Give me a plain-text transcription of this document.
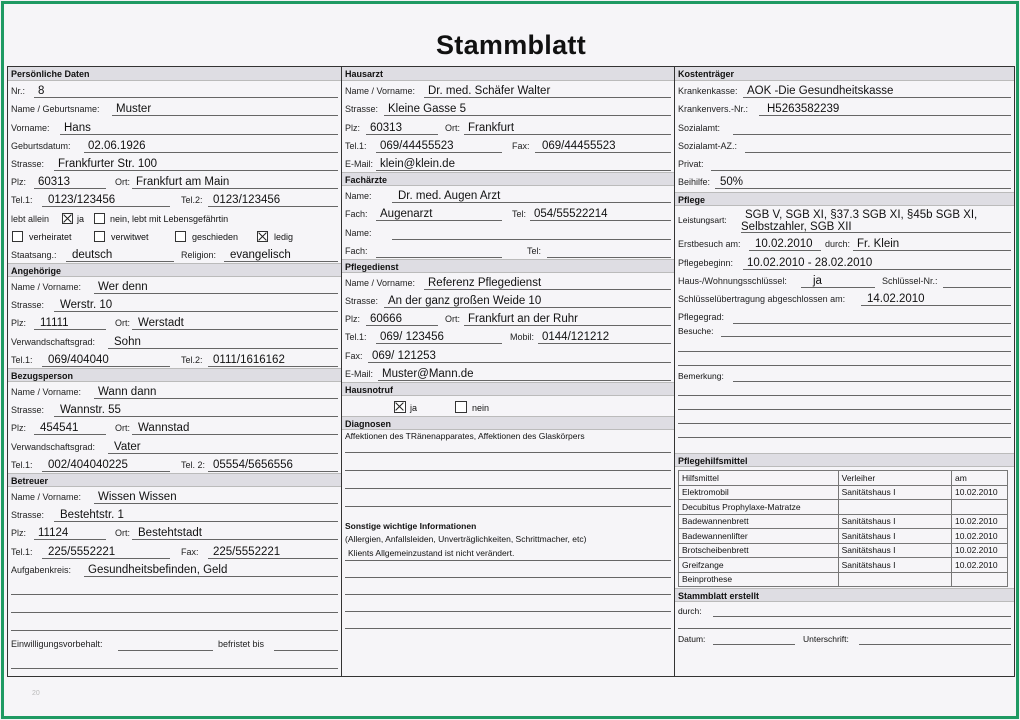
Stammblatt
Persönliche Daten
Nr.: 8
Name / Geburtsname: Muster
Vorname: Hans
Geburtsdatum: 02.06.1926
Strasse: Frankfurter Str. 100
Plz: 60313	Ort: Frankfurt am Main
Tel.1: 0123/123456	Tel.2: 0123/123456
lebt allein	ja	nein, lebt mit Lebensgefährtin
verheiratet	verwitwet	geschieden	ledig
Staatsang.: deutsch	Religion: evangelisch
Angehörige
Name / Vorname: Wer denn
Strasse: Werstr. 10
Plz: 11111	Ort: Werstadt
Verwandschaftsgrad: Sohn
Tel.1: 069/404040	Tel.2: 0111/1616162
Bezugsperson
Name / Vorname: Wann dann
Strasse: Wannstr. 55
Plz: 454541	Ort: Wannstad
Verwandschaftsgrad: Vater
Tel.1: 002/404040225	Tel. 2: 05554/5656556
Betreuer
Name / Vorname: Wissen Wissen
Strasse: Bestehtstr. 1
Plz: 11124	Ort: Bestehtstadt
Tel.1: 225/5552221	Fax: 225/5552221
Aufgabenkreis: Gesundheitsbefinden, Geld
Einwilligungsvorbehalt:	befristet bis
Hausarzt
Name / Vorname: Dr. med. Schäfer Walter
Strasse: Kleine Gasse 5
Plz: 60313	Ort: Frankfurt
Tel.1: 069/44455523	Fax: 069/44455523
E-Mail: klein@klein.de
Fachärzte
Name: Dr. med. Augen Arzt
Fach: Augenarzt	Tel: 054/55522214
Name:
Fach:	Tel:
Pflegedienst
Name / Vorname: Referenz Pflegedienst
Strasse: An der ganz großen Weide 10
Plz: 60666	Ort: Frankfurt an der Ruhr
Tel.1: 069/ 123456	Mobil: 0144/121212
Fax: 069/ 121253
E-Mail: Muster@Mann.de
Hausnotruf
ja	nein
Diagnosen
Affektionen des TRänenapparates, Affektionen des Glaskörpers
Sonstige wichtige Informationen
(Allergien, Anfallsleiden, Unverträglichkeiten, Schrittmacher, etc)
Klients Allgemeinzustand ist nicht verändert.
Kostenträger
Krankenkasse: AOK -Die Gesundheitskasse
Krankenvers.-Nr.: H5263582239
Sozialamt:
Sozialamt-AZ.:
Privat:
Beihilfe: 50%
Pflege
Leistungsart: SGB V, SGB XI, §37.3 SGB XI, §45b SGB XI,
Selbstzahler, SGB XII
Erstbesuch am: 10.02.2010 durch: Fr. Klein
Pflegebeginn: 10.02.2010 - 28.02.2010
Haus-/Wohnungsschlüssel: ja	Schlüssel-Nr.:
Schlüsselübertragung abgeschlossen am: 14.02.2010
Pflegegrad:
Besuche:
Bemerkung:
Pflegehilfsmittel
Hilfsmittel	Verleiher	am
Elektromobil	Sanitätshaus I	10.02.2010
Decubitus Prophylaxe-Matratze		
Badewannenbrett	Sanitätshaus I	10.02.2010
Badewannenlifter	Sanitätshaus I	10.02.2010
Brotscheibenbrett	Sanitätshaus I	10.02.2010
Greifzange	Sanitätshaus I	10.02.2010
Beinprothese		
Stammblatt erstellt
durch:
Datum:	Unterschrift:
20
